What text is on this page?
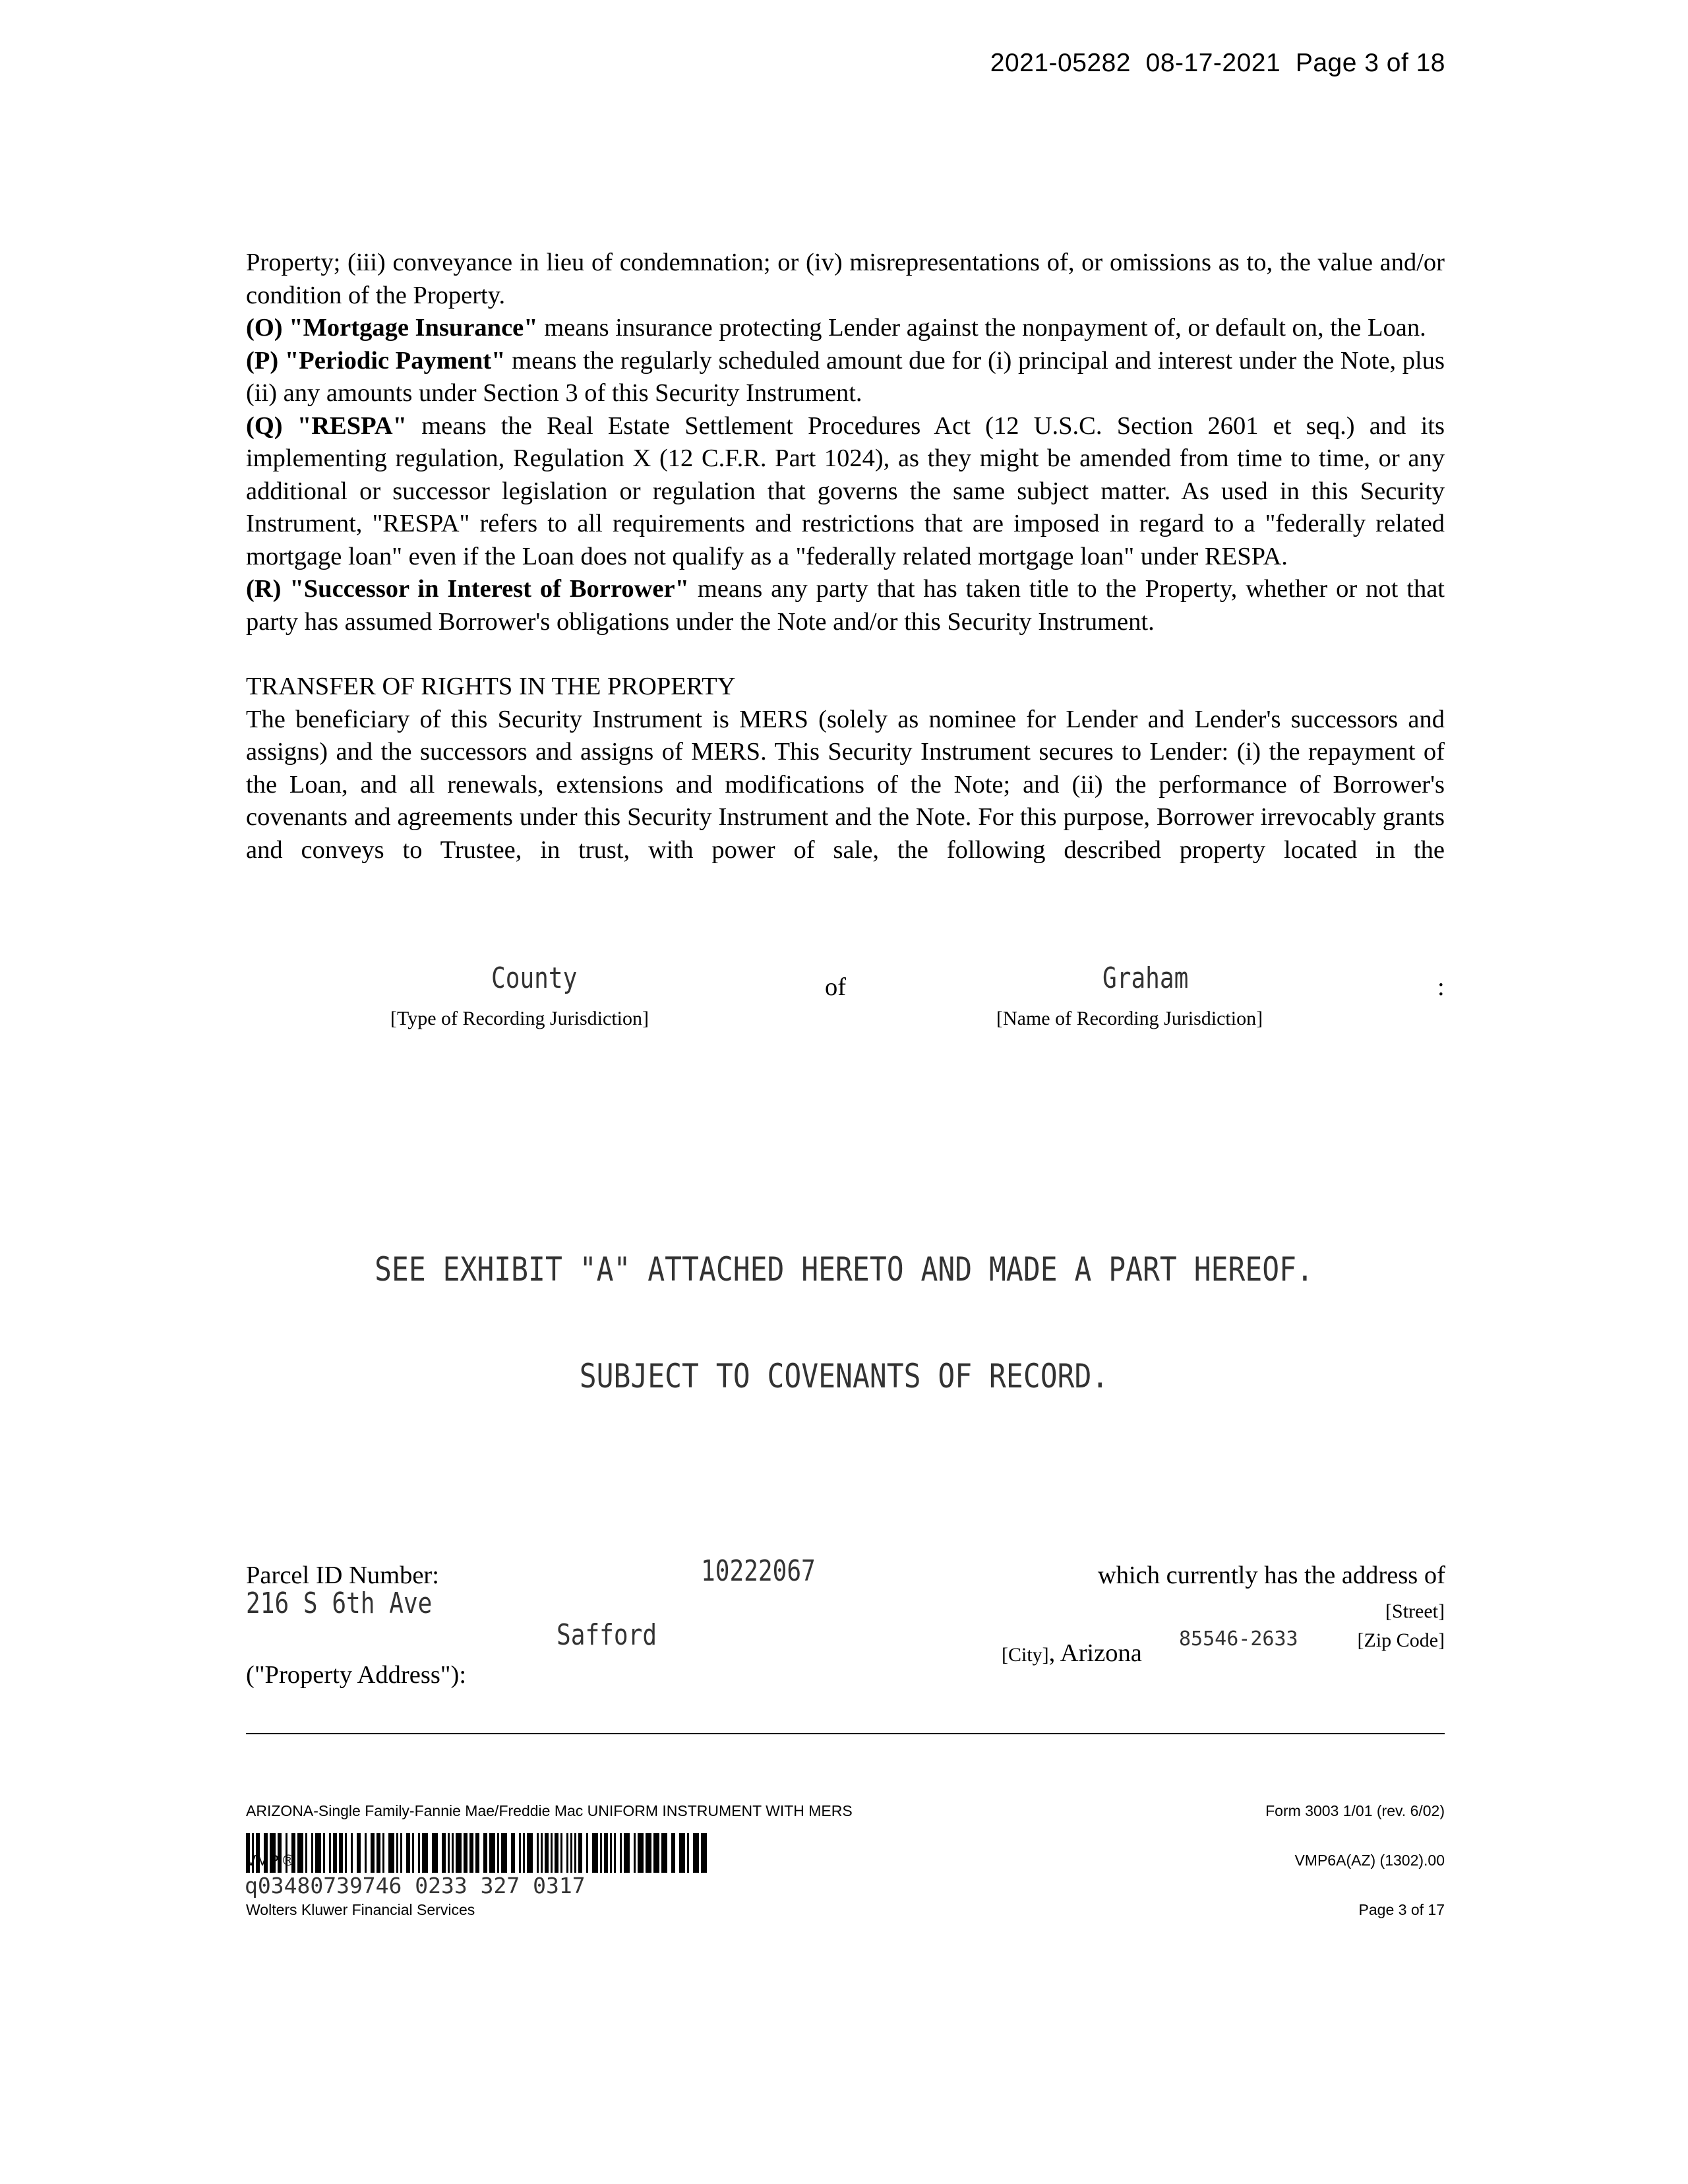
2021-05282  08-17-2021  Page 3 of 18

Property; (iii) conveyance in lieu of condemnation; or (iv) misrepresentations of, or omissions as to, the value and/or condition of the Property.

(O) "Mortgage Insurance" means insurance protecting Lender against the nonpayment of, or default on, the Loan.

(P) "Periodic Payment" means the regularly scheduled amount due for (i) principal and interest under the Note, plus (ii) any amounts under Section 3 of this Security Instrument.

(Q) "RESPA" means the Real Estate Settlement Procedures Act (12 U.S.C. Section 2601 et seq.) and its implementing regulation, Regulation X (12 C.F.R. Part 1024), as they might be amended from time to time, or any additional or successor legislation or regulation that governs the same subject matter. As used in this Security Instrument, "RESPA" refers to all requirements and restrictions that are imposed in regard to a "federally related mortgage loan" even if the Loan does not qualify as a "federally related mortgage loan" under RESPA.

(R) "Successor in Interest of Borrower" means any party that has taken title to the Property, whether or not that party has assumed Borrower's obligations under the Note and/or this Security Instrument.

TRANSFER OF RIGHTS IN THE PROPERTY

The beneficiary of this Security Instrument is MERS (solely as nominee for Lender and Lender's successors and assigns) and the successors and assigns of MERS. This Security Instrument secures to Lender: (i) the repayment of the Loan, and all renewals, extensions and modifications of the Note; and (ii) the performance of Borrower's covenants and agreements under this Security Instrument and the Note. For this purpose, Borrower irrevocably grants and conveys to Trustee, in trust, with power of sale, the following described property located in the

County	of	Graham	:
[Type of Recording Jurisdiction]	[Name of Recording Jurisdiction]

SEE EXHIBIT "A" ATTACHED HERETO AND MADE A PART HEREOF.

SUBJECT TO COVENANTS OF RECORD.

Parcel ID Number:	10222067	which currently has the address of
216 S 6th Ave	[Street]
Safford

[City], Arizona

85546-2633	[Zip Code]
("Property Address"):

ARIZONA-Single Family-Fannie Mae/Freddie Mac UNIFORM INSTRUMENT WITH MERS

VMP ®

Wolters Kluwer Financial Services

Form 3003 1/01 (rev. 6/02)

VMP6A(AZ) (1302).00

Page 3 of 17

q03480739746 0233 327 0317
